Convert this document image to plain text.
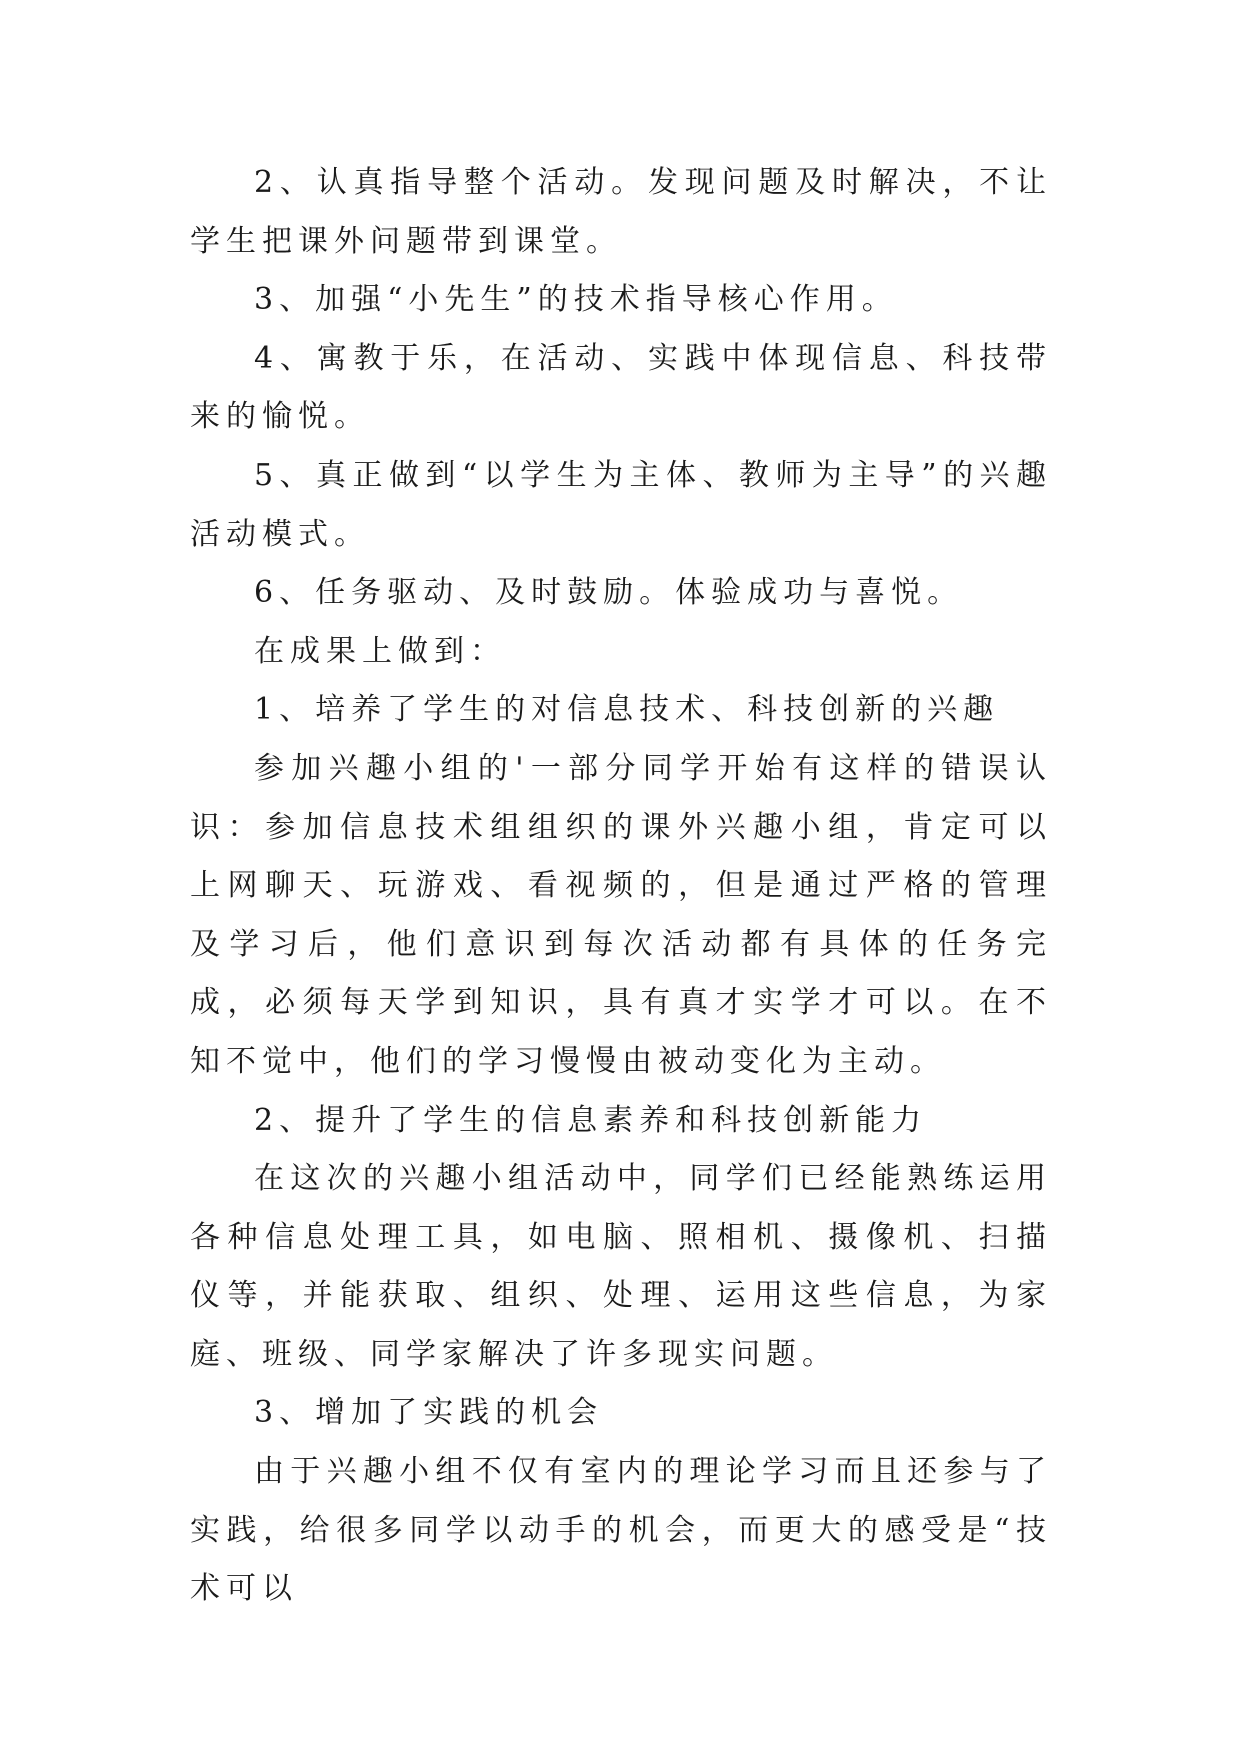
2、认真指导整个活动。发现问题及时解决，不让学生把课外问题带到课堂。

3、加强“小先生”的技术指导核心作用。

4、寓教于乐，在活动、实践中体现信息、科技带来的愉悦。

5、真正做到“以学生为主体、教师为主导”的兴趣活动模式。

6、任务驱动、及时鼓励。体验成功与喜悦。

在成果上做到：

1、培养了学生的对信息技术、科技创新的兴趣

参加兴趣小组的'一部分同学开始有这样的错误认识：参加信息技术组组织的课外兴趣小组，肯定可以上网聊天、玩游戏、看视频的，但是通过严格的管理及学习后，他们意识到每次活动都有具体的任务完成，必须每天学到知识，具有真才实学才可以。在不知不觉中，他们的学习慢慢由被动变化为主动。

2、提升了学生的信息素养和科技创新能力

在这次的兴趣小组活动中，同学们已经能熟练运用各种信息处理工具，如电脑、照相机、摄像机、扫描仪等，并能获取、组织、处理、运用这些信息，为家庭、班级、同学家解决了许多现实问题。

3、增加了实践的机会

由于兴趣小组不仅有室内的理论学习而且还参与了实践，给很多同学以动手的机会，而更大的感受是“技术可以
